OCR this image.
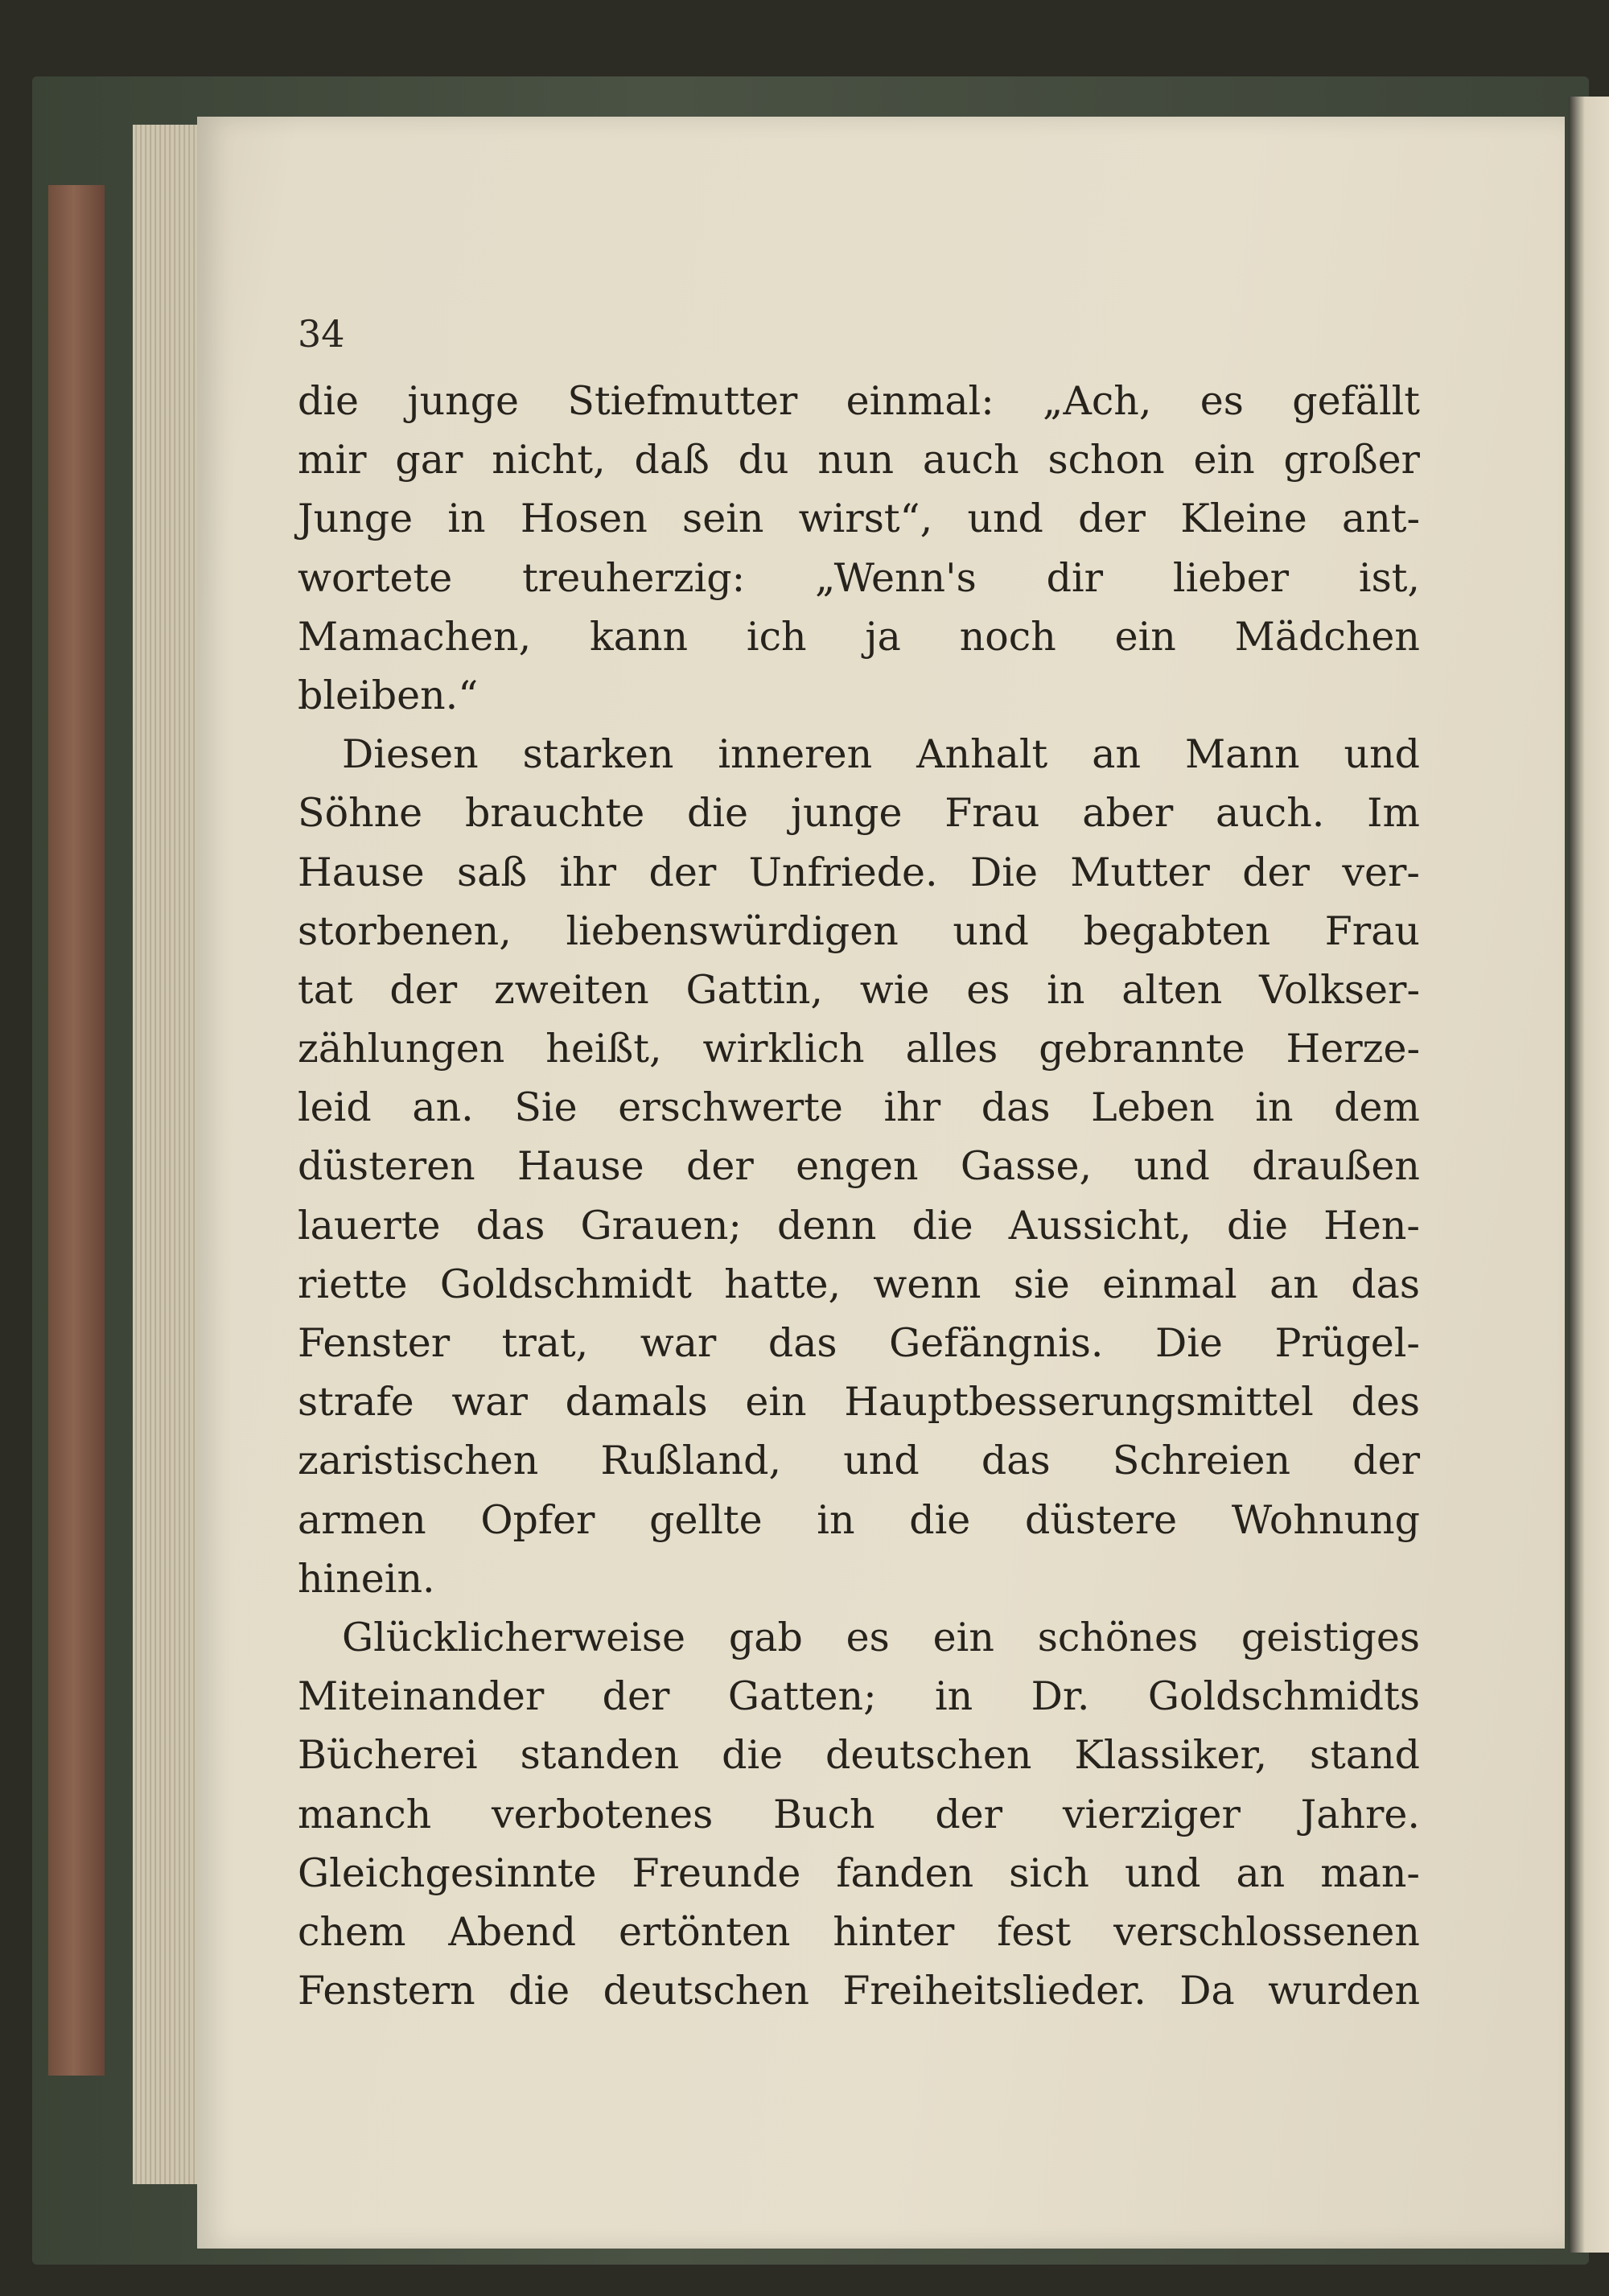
34
die junge Stiefmutter einmal: „Ach, es gefällt
mir gar nicht, daß du nun auch schon ein großer
Junge in Hosen sein wirst“, und der Kleine ant-
wortete treuherzig: „Wenn's dir lieber ist,
Mamachen, kann ich ja noch ein Mädchen
bleiben.“
Diesen starken inneren Anhalt an Mann und
Söhne brauchte die junge Frau aber auch. Im
Hause saß ihr der Unfriede. Die Mutter der ver-
storbenen, liebenswürdigen und begabten Frau
tat der zweiten Gattin, wie es in alten Volkser-
zählungen heißt, wirklich alles gebrannte Herze-
leid an. Sie erschwerte ihr das Leben in dem
düsteren Hause der engen Gasse, und draußen
lauerte das Grauen; denn die Aussicht, die Hen-
riette Goldschmidt hatte, wenn sie einmal an das
Fenster trat, war das Gefängnis. Die Prügel-
strafe war damals ein Hauptbesserungsmittel des
zaristischen Rußland, und das Schreien der
armen Opfer gellte in die düstere Wohnung
hinein.
Glücklicherweise gab es ein schönes geistiges
Miteinander der Gatten; in Dr. Goldschmidts
Bücherei standen die deutschen Klassiker, stand
manch verbotenes Buch der vierziger Jahre.
Gleichgesinnte Freunde fanden sich und an man-
chem Abend ertönten hinter fest verschlossenen
Fenstern die deutschen Freiheitslieder. Da wurden
